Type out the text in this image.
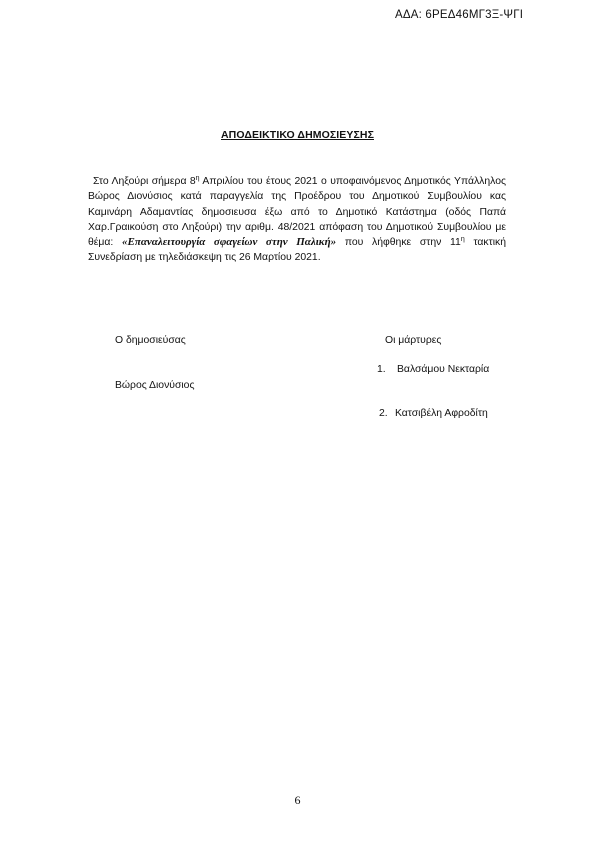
ΑΔΑ: 6ΡΕΔ46ΜΓ3Ξ-ΨΓΙ
ΑΠΟΔΕΙΚΤΙΚΟ ΔΗΜΟΣΙΕΥΣΗΣ

Στο Ληξούρι σήμερα $8^\eta$ Απριλίου του έτους 2021 ο υποφαινόμενος Δημοτικός Υπάλληλος Βώρος Διονύσιος κατά παραγγελία της Προέδρου του Δημοτικού Συμβουλίου κας Καμινάρη Αδαμαντίας δημοσιευσα έξω από το Δημοτικό Κατάστημα (οδός Παπά Χαρ.Γραικούση στο Ληξούρι) την αριθμ. 48/2021 απόφαση του Δημοτικού Συμβουλίου με θέμα: «Επαναλειτουργία σφαγείων στην Παλική» που λήφθηκε στην $11^\eta$ τακτική Συνεδρίαση με τηλεδιάσκεψη τις 26 Μαρτίου 2021.

Ο δημοσιεύσας
Βώρος Διονύσιος
Οι μάρτυρες
1. Βαλσάμου Νεκταρία
2. Κατσιβέλη Αφροδίτη
6
